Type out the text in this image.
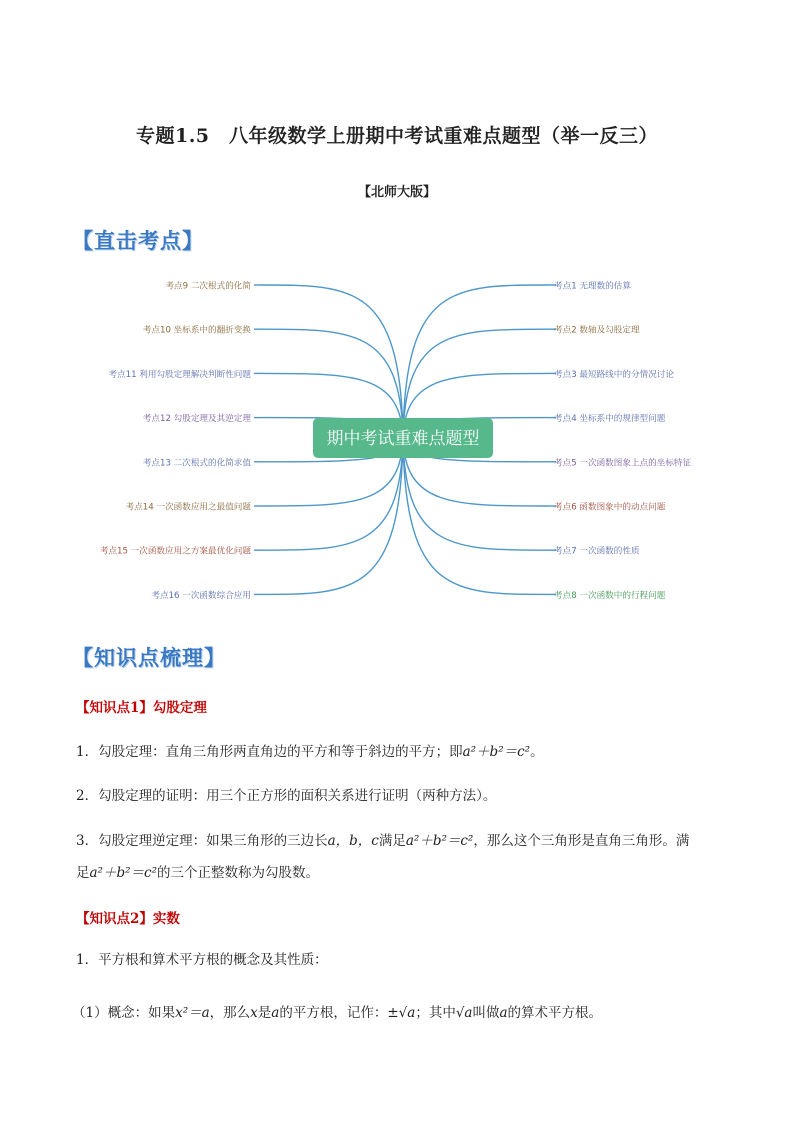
专题1.5　八年级数学上册期中考试重难点题型（举一反三）
【北师大版】
【直击考点】
考点9 二次根式的化简
考点10 坐标系中的翻折变换
考点11 利用勾股定理解决判断性问题
考点12 勾股定理及其逆定理
考点13 二次根式的化简求值
考点14 一次函数应用之最值问题
考点15 一次函数应用之方案最优化问题
考点16 一次函数综合应用
考点1 无理数的估算
考点2 数轴及勾股定理
考点3 最短路线中的分情况讨论
考点4 坐标系中的规律型问题
考点5 一次函数图象上点的坐标特征
考点6 函数图象中的动点问题
考点7 一次函数的性质
考点8 一次函数中的行程问题
期中考试重难点题型
【知识点梳理】
【知识点1】勾股定理
1．勾股定理：直角三角形两直角边的平方和等于斜边的平方；即a²＋b²＝c²。
2．勾股定理的证明：用三个正方形的面积关系进行证明（两种方法）。
3．勾股定理逆定理：如果三角形的三边长a，b，c满足a²＋b²＝c²，那么这个三角形是直角三角形。满
足a²＋b²＝c²的三个正整数称为勾股数。
【知识点2】实数
1．平方根和算术平方根的概念及其性质：
（1）概念：如果x²＝a，那么x是a的平方根，记作：±√a；其中√a叫做a的算术平方根。
